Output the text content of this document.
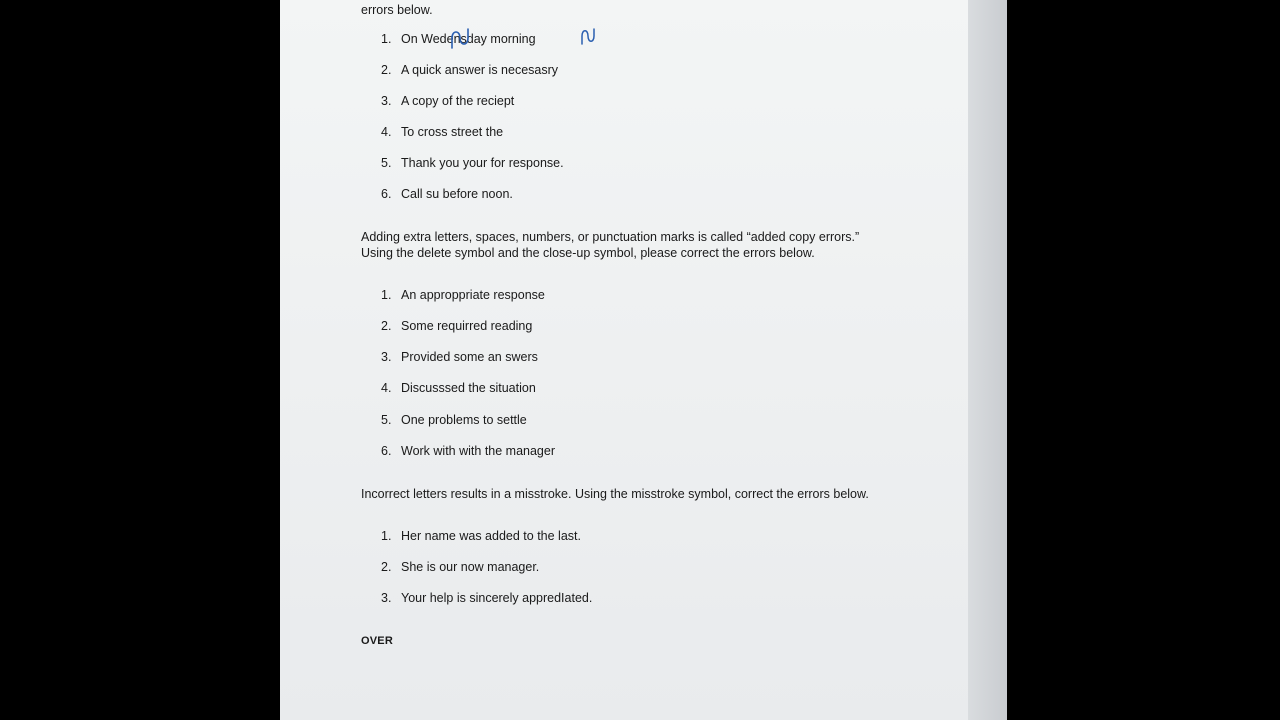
errors below.
1. On Wedensday morning
2. A quick answer is necesasry
3. A copy of the reciept
4. To cross street the
5. Thank you your for response.
6. Call su before noon.
Adding extra letters, spaces, numbers, or punctuation marks is called “added copy errors.” Using the delete symbol and the close-up symbol, please correct the errors below.
1. An approppriate response
2. Some requirred reading
3. Provided some an swers
4. Discusssed the situation
5. One problems to settle
6. Work with with the manager
Incorrect letters results in a misstroke. Using the misstroke symbol, correct the errors below.
1. Her name was added to the last.
2. She is our now manager.
3. Your help is sincerely appredIated.
OVER
